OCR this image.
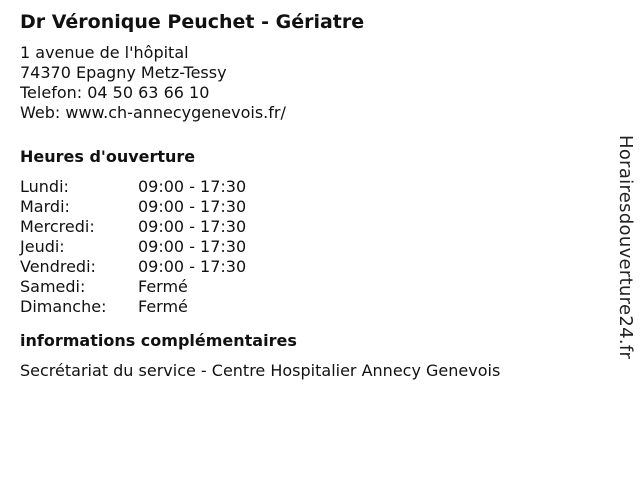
Dr Véronique Peuchet - Gériatre
1 avenue de l'hôpital
74370 Epagny Metz-Tessy
Telefon: 04 50 63 66 10
Web: www.ch-annecygenevois.fr/
Heures d'ouverture
Lundi:	09:00 - 17:30
Mardi:	09:00 - 17:30
Mercredi:	09:00 - 17:30
Jeudi:	09:00 - 17:30
Vendredi:	09:00 - 17:30
Samedi:	Fermé
Dimanche:	Fermé
informations complémentaires
Secrétariat du service - Centre Hospitalier Annecy Genevois
Horairesdouverture24.fr
